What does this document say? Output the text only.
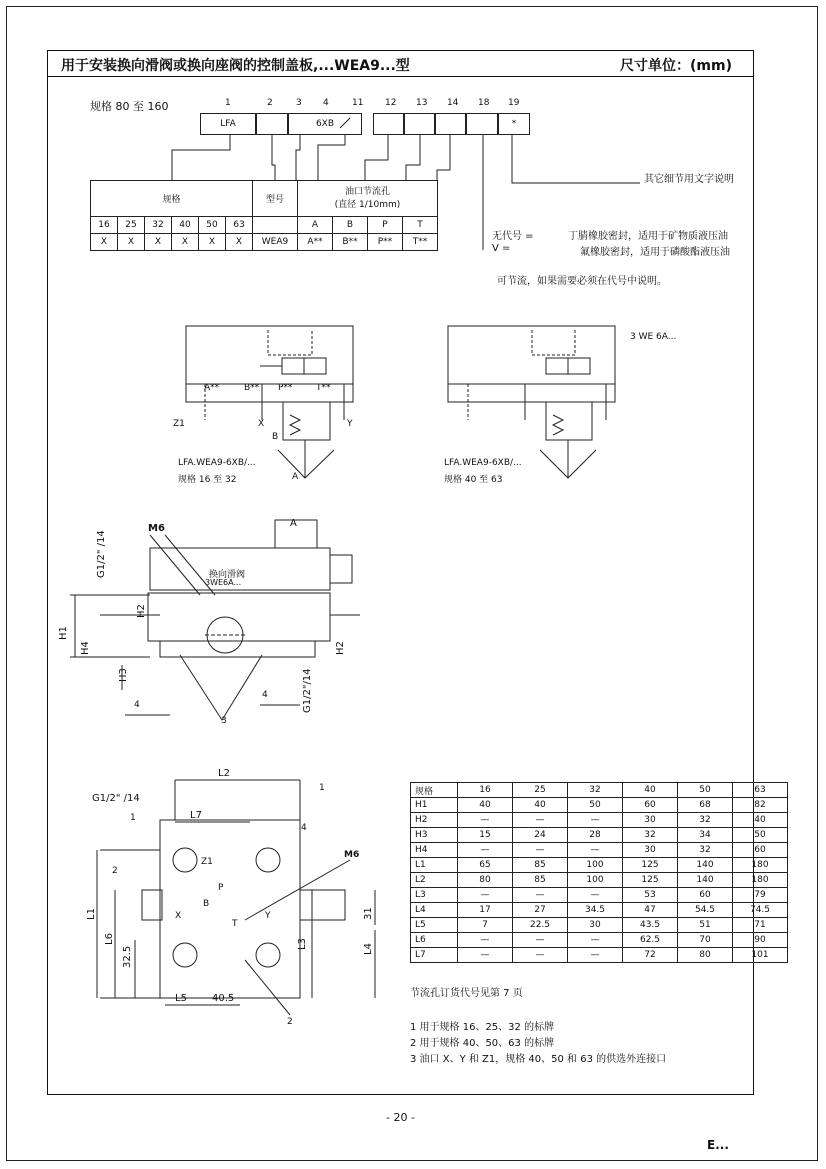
用于安装换向滑阀或换向座阀的控制盖板,...WEA9...型	尺寸单位：(mm)
规格 80 至 160	1	2	3 4	11 12 13 14 18 19
LFA	6XB	*
规格						型号	油口节流孔
(直径 1/10mm)			

16	25	32	40	50	63		A	B	P	T
X	X	X	X	X	X	WEA9	A**	B**	P**	T**
其它细节用文字说明
无代号 =	丁腈橡胶密封，适用于矿物质液压油
V =	氟橡胶密封，适用于磷酸酯液压油
可节流，如果需要必须在代号中说明。
LFA.WEA9-6XB/...
规格 16 至 32
LFA.WEA9-6XB/...
规格 40 至 63
3 WE 6A...
Z1	X	Y
B
A
A**	B** P**	T**
M6
换向滑阀
3WE6A...
A
G1/2" /14
G1/2"/14
H1
H2
H3
H4	H2
4
4
3
L2
L7
G1/2" /14
1
1
4
M6
2
2
L1
L6
32.5
L3	L4
31
L5	40.5
Z1
P
B
X
T
Y
规格	16	25	32	40	50	63
H1	40	40	50	60	68	82
H2	—	—	—	30	32	40
H3	15	24	28	32	34	50
H4	—	—	—	30	32	60
L1	65	85	100	125	140	180
L2	80	85	100	125	140	180
L3	—	—	—	53	60	79
L4	17	27	34.5	47	54.5	74.5
L5	7	22.5	30	43.5	51	71
L6	—	—	—	62.5	70	90
L7	—	—	—	72	80	101
节流孔订货代号见第 7 页
1 用于规格 16、25、32 的标牌
2 用于规格 40、50、63 的标牌
3 油口 X、Y 和 Z1，规格 40、50 和 63 的供选外连接口
- 20 -
E...
